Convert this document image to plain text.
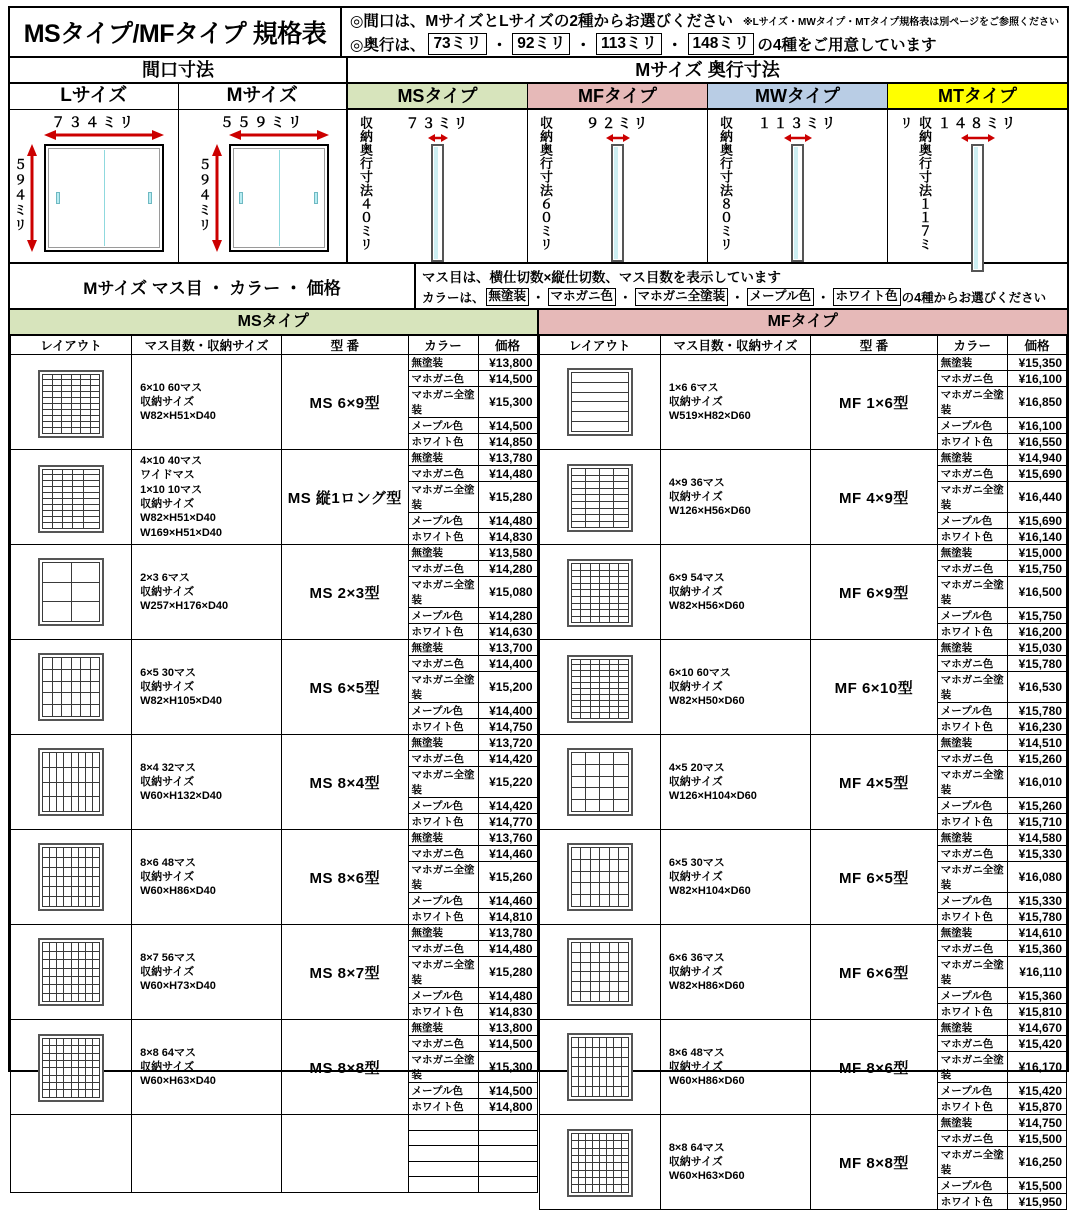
MSタイプ/MFタイプ 規格表	◎間口は、MサイズとLサイズの2種からお選びください ※Lサイズ・MWタイプ・MTタイプ規格表は別ページをご参照ください
◎奥行は、 73ミリ ・ 92ミリ ・ 113ミリ ・ 148ミリ の4種をご用意しています
間口寸法
Lサイズ
７３４ミリ
５９４ミリ
Mサイズ
５５９ミリ
５９４ミリ
Mサイズ 奥行寸法
MSタイプ
収納奥行寸法４０ミリ ７３ミリ
MFタイプ
収納奥行寸法６０ミリ ９２ミリ
MWタイプ
収納奥行寸法８０ミリ １１３ミリ
MTタイプ
収納奥行寸法１１７ミリ	１４８ミリ
Mサイズ マス目 ・ カラー ・ 価格
マス目は、横仕切数×縦仕切数、マス目数を表示しています
カラーは、 無塗装 ・ マホガニ色 ・ マホガニ全塗装 ・ メープル色 ・ ホワイト色 の4種からお選びください
MSタイプ	MFタイプ
レイアウト	マス目数・収納サイズ	型 番	カラー	価格

	6×10 60マス
収納サイズ
W82×H51×D40	MS 6×9型	無塗装	¥13,800
			マホガニ色	¥14,500
			マホガニ全塗装	¥15,300
			メープル色	¥14,500
			ホワイト色	¥14,850

4×10 40マス
ワイドマス
1×10 10マス
収納サイズ
W82×H51×D40
W169×H51×D40
	MS 縦1ロング型	無塗装	¥13,780
			マホガニ色	¥14,480
			マホガニ全塗装	¥15,280
			メープル色	¥14,480
			ホワイト色	¥14,830

	2×3 6マス
収納サイズ
W257×H176×D40	MS 2×3型	無塗装	¥13,580
			マホガニ色	¥14,280
			マホガニ全塗装	¥15,080
			メープル色	¥14,280
			ホワイト色	¥14,630

	6×5 30マス
収納サイズ
W82×H105×D40	MS 6×5型	無塗装	¥13,700
			マホガニ色	¥14,400
			マホガニ全塗装	¥15,200
			メープル色	¥14,400
			ホワイト色	¥14,750

	8×4 32マス
収納サイズ
W60×H132×D40	MS 8×4型	無塗装	¥13,720
			マホガニ色	¥14,420
			マホガニ全塗装	¥15,220
			メープル色	¥14,420
			ホワイト色	¥14,770

	8×6 48マス
収納サイズ
W60×H86×D40	MS 8×6型	無塗装	¥13,760
			マホガニ色	¥14,460
			マホガニ全塗装	¥15,260
			メープル色	¥14,460
			ホワイト色	¥14,810

	8×7 56マス
収納サイズ
W60×H73×D40	MS 8×7型	無塗装	¥13,780
			マホガニ色	¥14,480
			マホガニ全塗装	¥15,280
			メープル色	¥14,480
			ホワイト色	¥14,830

	8×8 64マス
収納サイズ
W60×H63×D40	MS 8×8型	無塗装	¥13,800
			マホガニ色	¥14,500
			マホガニ全塗装	¥15,300
			メープル色	¥14,500
			ホワイト色	¥14,800

レイアウト	マス目数・収納サイズ	型 番	カラー	価格

	1×6 6マス
収納サイズ
W519×H82×D60	MF 1×6型	無塗装	¥15,350
			マホガニ色	¥16,100
			マホガニ全塗装	¥16,850
			メープル色	¥16,100
			ホワイト色	¥16,550

	4×9 36マス
収納サイズ
W126×H56×D60	MF 4×9型	無塗装	¥14,940
			マホガニ色	¥15,690
			マホガニ全塗装	¥16,440
			メープル色	¥15,690
			ホワイト色	¥16,140

	6×9 54マス
収納サイズ
W82×H56×D60	MF 6×9型	無塗装	¥15,000
			マホガニ色	¥15,750
			マホガニ全塗装	¥16,500
			メープル色	¥15,750
			ホワイト色	¥16,200

	6×10 60マス
収納サイズ
W82×H50×D60	MF 6×10型	無塗装	¥15,030
			マホガニ色	¥15,780
			マホガニ全塗装	¥16,530
			メープル色	¥15,780
			ホワイト色	¥16,230

	4×5 20マス
収納サイズ
W126×H104×D60	MF 4×5型	無塗装	¥14,510
			マホガニ色	¥15,260
			マホガニ全塗装	¥16,010
			メープル色	¥15,260
			ホワイト色	¥15,710

	6×5 30マス
収納サイズ
W82×H104×D60	MF 6×5型	無塗装	¥14,580
			マホガニ色	¥15,330
			マホガニ全塗装	¥16,080
			メープル色	¥15,330
			ホワイト色	¥15,780

	6×6 36マス
収納サイズ
W82×H86×D60	MF 6×6型	無塗装	¥14,610
			マホガニ色	¥15,360
			マホガニ全塗装	¥16,110
			メープル色	¥15,360
			ホワイト色	¥15,810

	8×6 48マス
収納サイズ
W60×H86×D60	MF 8×6型	無塗装	¥14,670
			マホガニ色	¥15,420
			マホガニ全塗装	¥16,170
			メープル色	¥15,420
			ホワイト色	¥15,870

	8×8 64マス
収納サイズ
W60×H63×D60	MF 8×8型	無塗装	¥14,750
			マホガニ色	¥15,500
			マホガニ全塗装	¥16,250
			メープル色	¥15,500
			ホワイト色	¥15,950
